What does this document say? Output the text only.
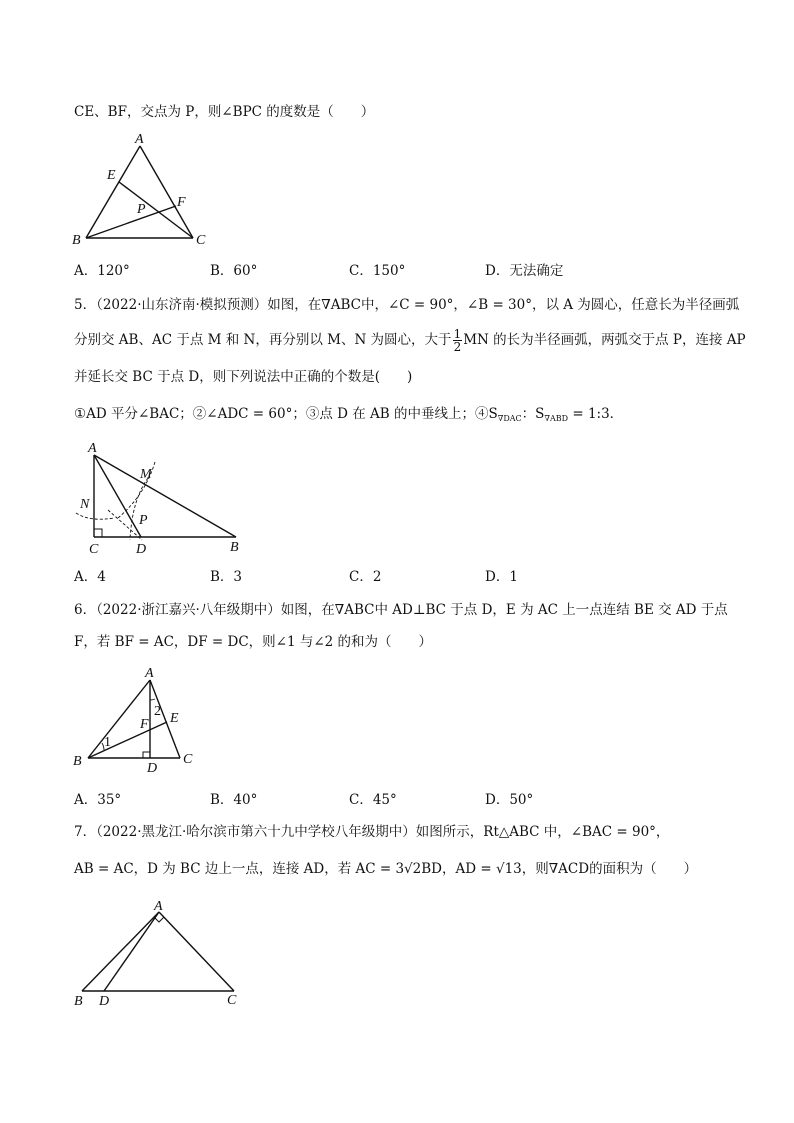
CE、BF，交点为 P，则∠BPC 的度数是（　　）
A
E
P F
B	C
A．120°	B．60°	C．150°	D．无法确定
5．（2022·山东济南·模拟预测）如图，在∇ABC中，∠C = 90°，∠B = 30°，以 A 为圆心，任意长为半径画弧
分别交 AB、AC 于点 M 和 N，再分别以 M、N 为圆心，大于 $\frac{1}{2}$ MN 的长为半径画弧，两弧交于点 P，连接 AP
并延长交 BC 于点 D，则下列说法中正确的个数是(　　)
①AD 平分∠BAC；②∠ADC = 60°；③点 D 在 AB 的中垂线上；$④S_{\nabla DAC}$：$S_{\nabla ABD}$ = 1:3．
A
M
N
P
C	D	B
A．4	B．3	C．2	D．1
6．（2022·浙江嘉兴·八年级期中）如图，在∇ABC中 AD⊥BC 于点 D，E 为 AC 上一点连结 BE 交 AD 于点
F，若 BF = AC，DF = DC，则∠1 与∠2 的和为（　　）
A
2 E
F
1
B	D
C
A．35°	B．40°	C．45°	D．50°
7．（2022·黑龙江·哈尔滨市第六十九中学校八年级期中）如图所示，Rt△ABC 中，∠BAC = 90°，
AB = AC，D 为 BC 边上一点，连接 AD，若 AC = 3√2BD，AD = √13，则∇ACD的面积为（　　）
A
B D	C
